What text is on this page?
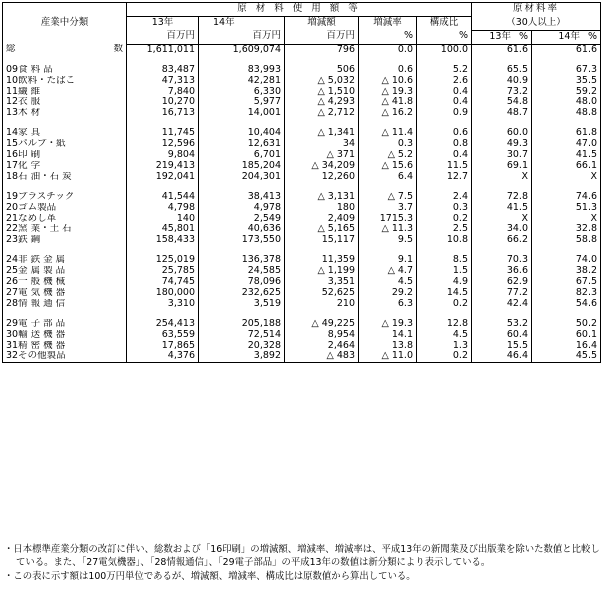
産業中分類	原 材 料 使 用 額 等					原材料率	
	13年	14年	増減額	増減率	構成比	（30人以上）	
	百万円	百万円	百万円	%	%	13年 %	14年 %

総 数	1,611,011	1,609,074	796	0.0	100.0	61.6	61.6

09食 料 品	83,487	83,993	506	0.6	5.2	65.5	67.3
10飲料・たばこ	47,313	42,281	△ 5,032	△ 10.6	2.6	40.9	35.5
11繊 維	7,840	6,330	△ 1,510	△ 19.3	0.4	73.2	59.2
12衣 服	10,270	5,977	△ 4,293	△ 41.8	0.4	54.8	48.0
13木 材	16,713	14,001	△ 2,712	△ 16.2	0.9	48.7	48.8

14家 具	11,745	10,404	△ 1,341	△ 11.4	0.6	60.0	61.8
15パルプ・紙	12,596	12,631	34	0.3	0.8	49.3	47.0
16印 刷	9,804	6,701	△ 371	△ 5.2	0.4	30.7	41.5
17化 学	219,413	185,204	△ 34,209	△ 15.6	11.5	69.1	66.1
18石 油・石 炭	192,041	204,301	12,260	6.4	12.7	X	X

19プラスチック	41,544	38,413	△ 3,131	△ 7.5	2.4	72.8	74.6
20ゴム製品	4,798	4,978	180	3.7	0.3	41.5	51.3
21なめし革	140	2,549	2,409	1715.3	0.2	X	X
22窯 業・土 石	45,801	40,636	△ 5,165	△ 11.3	2.5	34.0	32.8
23鉄 鋼	158,433	173,550	15,117	9.5	10.8	66.2	58.8

24非 鉄 金 属	125,019	136,378	11,359	9.1	8.5	70.3	74.0
25金 属 製 品	25,785	24,585	△ 1,199	△ 4.7	1.5	36.6	38.2
26一 般 機 械	74,745	78,096	3,351	4.5	4.9	62.9	67.5
27電 気 機 器	180,000	232,625	52,625	29.2	14.5	77.2	82.3
28情 報 通 信	3,310	3,519	210	6.3	0.2	42.4	54.6

29電 子 部 品	254,413	205,188	△ 49,225	△ 19.3	12.8	53.2	50.2
30輸 送 機 器	63,559	72,514	8,954	14.1	4.5	60.4	60.1
31精 密 機 器	17,865	20,328	2,464	13.8	1.3	15.5	16.4
32その他製品	4,376	3,892	△ 483	△ 11.0	0.2	46.4	45.5

・日本標準産業分類の改訂に伴い、総数および「16印刷」の増減額、増減率、増減率は、平成13年の新聞業及び出版業を除いた数値と比較している。また、「27電気機器」、「28情報通信」、「29電子部品」の平成13年の数値は新分類により表示している。

・この表に示す額は100万円単位であるが、増減額、増減率、構成比は原数値から算出している。
